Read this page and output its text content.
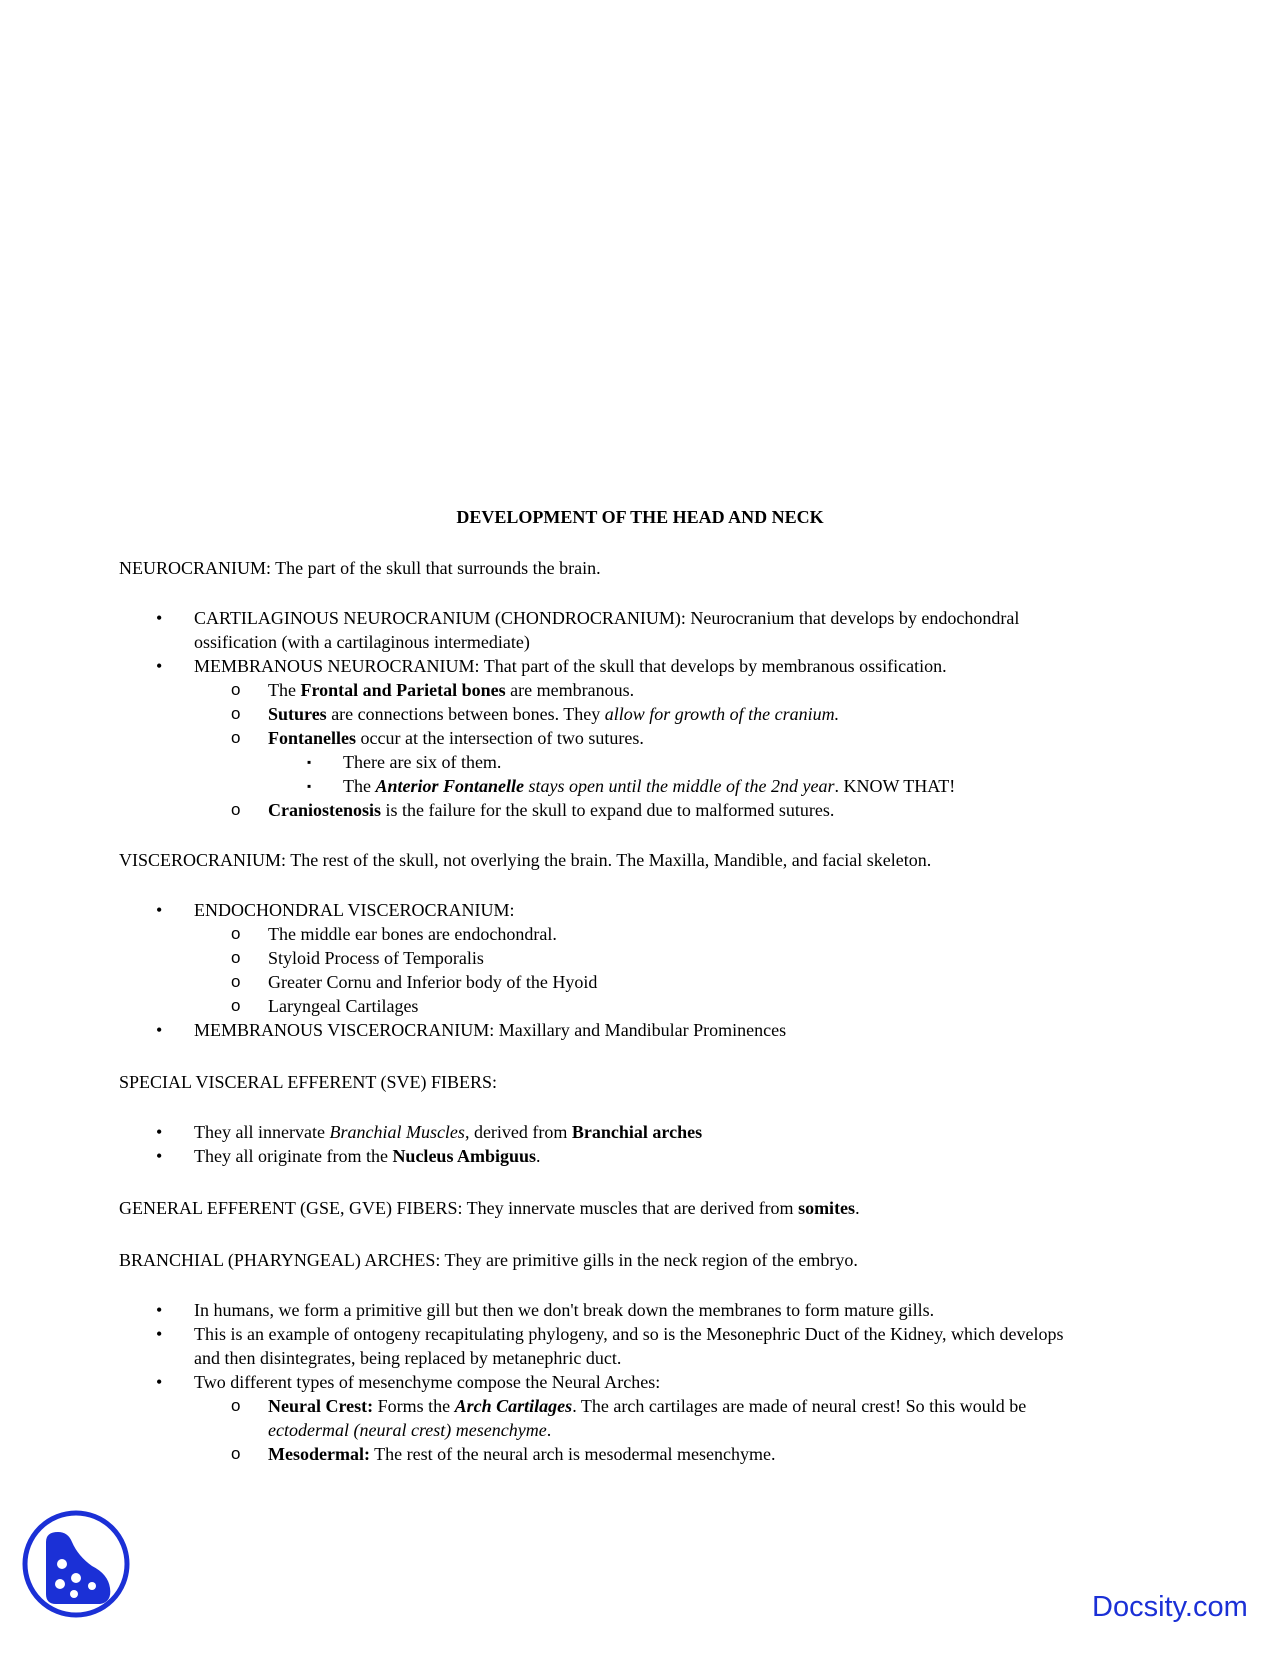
DEVELOPMENT OF THE HEAD AND NECK
NEUROCRANIUM: The part of the skull that surrounds the brain.
•	CARTILAGINOUS NEUROCRANIUM (CHONDROCRANIUM): Neurocranium that develops by endochondral
ossification (with a cartilaginous intermediate)
•	MEMBRANOUS NEUROCRANIUM: That part of the skull that develops by membranous ossification.
o	The Frontal and Parietal bones are membranous.
o	Sutures are connections between bones. They allow for growth of the cranium.
o	Fontanelles occur at the intersection of two sutures.
▪	There are six of them.
▪	The Anterior Fontanelle stays open until the middle of the 2nd year. KNOW THAT!
o	Craniostenosis is the failure for the skull to expand due to malformed sutures.
VISCEROCRANIUM: The rest of the skull, not overlying the brain. The Maxilla, Mandible, and facial skeleton.
•	ENDOCHONDRAL VISCEROCRANIUM:
o	The middle ear bones are endochondral.
o	Styloid Process of Temporalis
o	Greater Cornu and Inferior body of the Hyoid
o	Laryngeal Cartilages
•	MEMBRANOUS VISCEROCRANIUM: Maxillary and Mandibular Prominences
SPECIAL VISCERAL EFFERENT (SVE) FIBERS:
•	They all innervate Branchial Muscles, derived from Branchial arches
•	They all originate from the Nucleus Ambiguus.
GENERAL EFFERENT (GSE, GVE) FIBERS: They innervate muscles that are derived from somites.
BRANCHIAL (PHARYNGEAL) ARCHES: They are primitive gills in the neck region of the embryo.
•	In humans, we form a primitive gill but then we don't break down the membranes to form mature gills.
•	This is an example of ontogeny recapitulating phylogeny, and so is the Mesonephric Duct of the Kidney, which develops
and then disintegrates, being replaced by metanephric duct.
•	Two different types of mesenchyme compose the Neural Arches:
o	Neural Crest: Forms the Arch Cartilages. The arch cartilages are made of neural crest! So this would be
ectodermal (neural crest) mesenchyme.
o	Mesodermal: The rest of the neural arch is mesodermal mesenchyme.
Docsity.com
